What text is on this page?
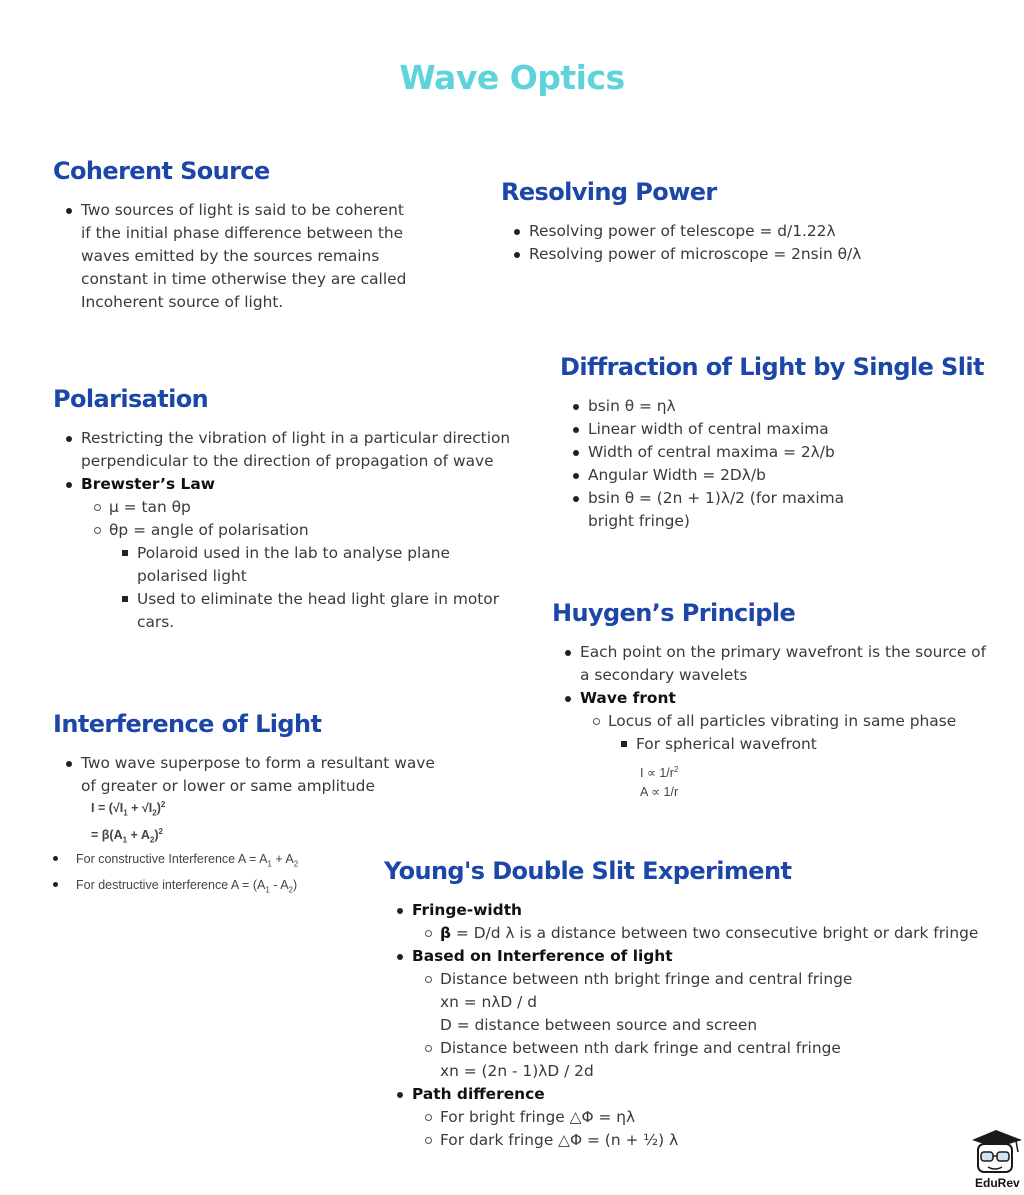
Wave Optics
Coherent Source
Two sources of light is said to be coherent if the initial phase difference between the waves emitted by the sources remains constant in time otherwise they are called Incoherent source of light.
Resolving Power
Resolving power of telescope = d/1.22λ
Resolving power of microscope = 2nsin θ/λ
Diffraction of Light by Single Slit
bsin θ = ηλ
Linear width of central maxima
Width of central maxima = 2λ/b
Angular Width = 2Dλ/b
bsin θ = (2n + 1)λ/2 (for maxima bright fringe)
Polarisation
Restricting the vibration of light in a particular direction perpendicular to the direction of propagation of wave
Brewster’s Law
μ = tan θp
θp = angle of polarisation
Polaroid used in the lab to analyse plane polarised light
Used to eliminate the head light glare in motor cars.	Huygen’s Principle
Each point on the primary wavefront is the source of a secondary wavelets
Wave front
Locus of all particles vibrating in same phase
For spherical wavefront
$I \propto 1/r^2$
A ∝ 1/r
Interference of Light
Two wave superpose to form a resultant wave of greater or lower or same amplitude
$I = (√I_1 + √I_2)^2$
= $\beta(A_1 + A_2)^2$
For constructive Interference $A = A_1 + A_2$
For destructive interference $A = (A_1 - A_2)$	Young's Double Slit Experiment
Fringe-width
β = D/d λ is a distance between two consecutive bright or dark fringe
Based on Interference of light
Distance between nth bright fringe and central fringe
xn = nλD / d
D = distance between source and screen
Distance between nth dark fringe and central fringe
xn = (2n - 1)λD / 2d
Path difference
For bright fringe △Φ = ηλ
For dark fringe △Φ = (n + ½) λ
EduRev
